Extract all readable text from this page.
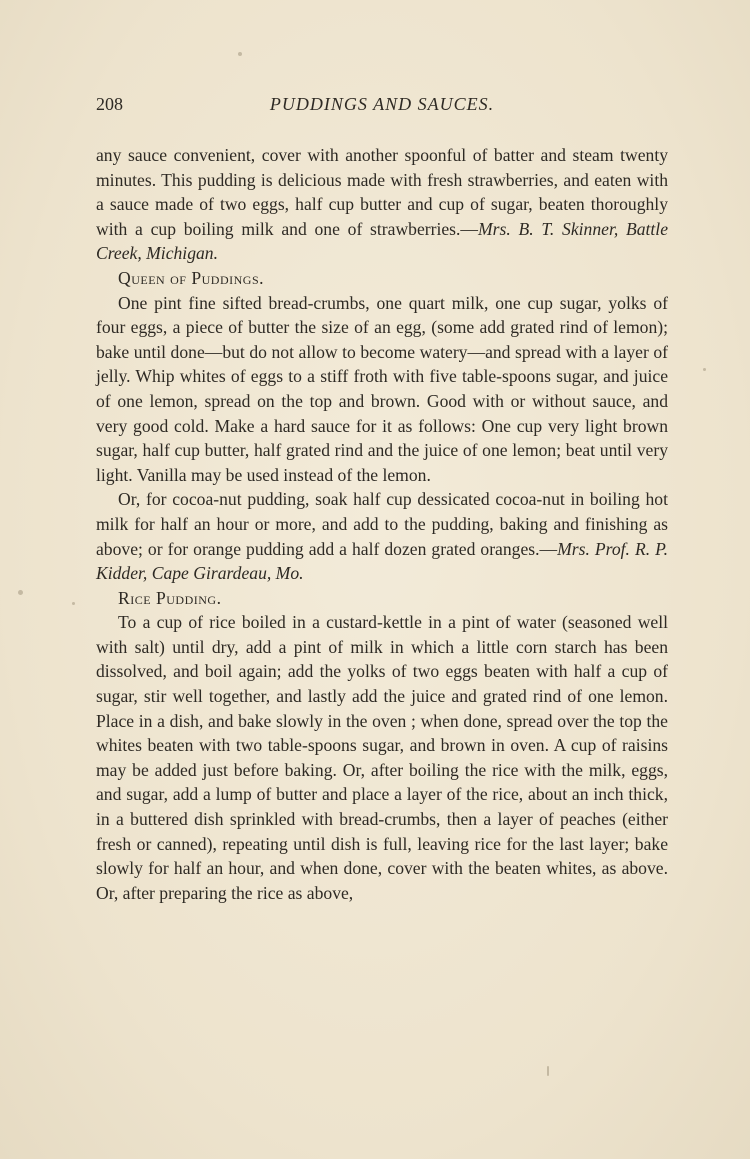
208	PUDDINGS AND SAUCES.

any sauce convenient, cover with another spoonful of batter and steam twenty minutes. This pudding is delicious made with fresh strawberries, and eaten with a sauce made of two eggs, half cup butter and cup of sugar, beaten thoroughly with a cup boiling milk and one of strawberries.—Mrs. B. T. Skinner, Battle Creek, Michigan.

Queen of Puddings.

One pint fine sifted bread-crumbs, one quart milk, one cup sugar, yolks of four eggs, a piece of butter the size of an egg, (some add grated rind of lemon); bake until done—but do not allow to become watery—and spread with a layer of jelly. Whip whites of eggs to a stiff froth with five table-spoons sugar, and juice of one lemon, spread on the top and brown. Good with or without sauce, and very good cold. Make a hard sauce for it as follows: One cup very light brown sugar, half cup butter, half grated rind and the juice of one lemon; beat until very light. Vanilla may be used instead of the lemon.

Or, for cocoa-nut pudding, soak half cup dessicated cocoa-nut in boiling hot milk for half an hour or more, and add to the pudding, baking and finishing as above; or for orange pudding add a half dozen grated oranges.—Mrs. Prof. R. P. Kidder, Cape Girardeau, Mo.

Rice Pudding.

To a cup of rice boiled in a custard-kettle in a pint of water (seasoned well with salt) until dry, add a pint of milk in which a little corn starch has been dissolved, and boil again; add the yolks of two eggs beaten with half a cup of sugar, stir well together, and lastly add the juice and grated rind of one lemon. Place in a dish, and bake slowly in the oven ; when done, spread over the top the whites beaten with two table-spoons sugar, and brown in oven. A cup of raisins may be added just before baking. Or, after boiling the rice with the milk, eggs, and sugar, add a lump of butter and place a layer of the rice, about an inch thick, in a buttered dish sprinkled with bread-crumbs, then a layer of peaches (either fresh or canned), repeating until dish is full, leaving rice for the last layer; bake slowly for half an hour, and when done, cover with the beaten whites, as above. Or, after preparing the rice as above,
